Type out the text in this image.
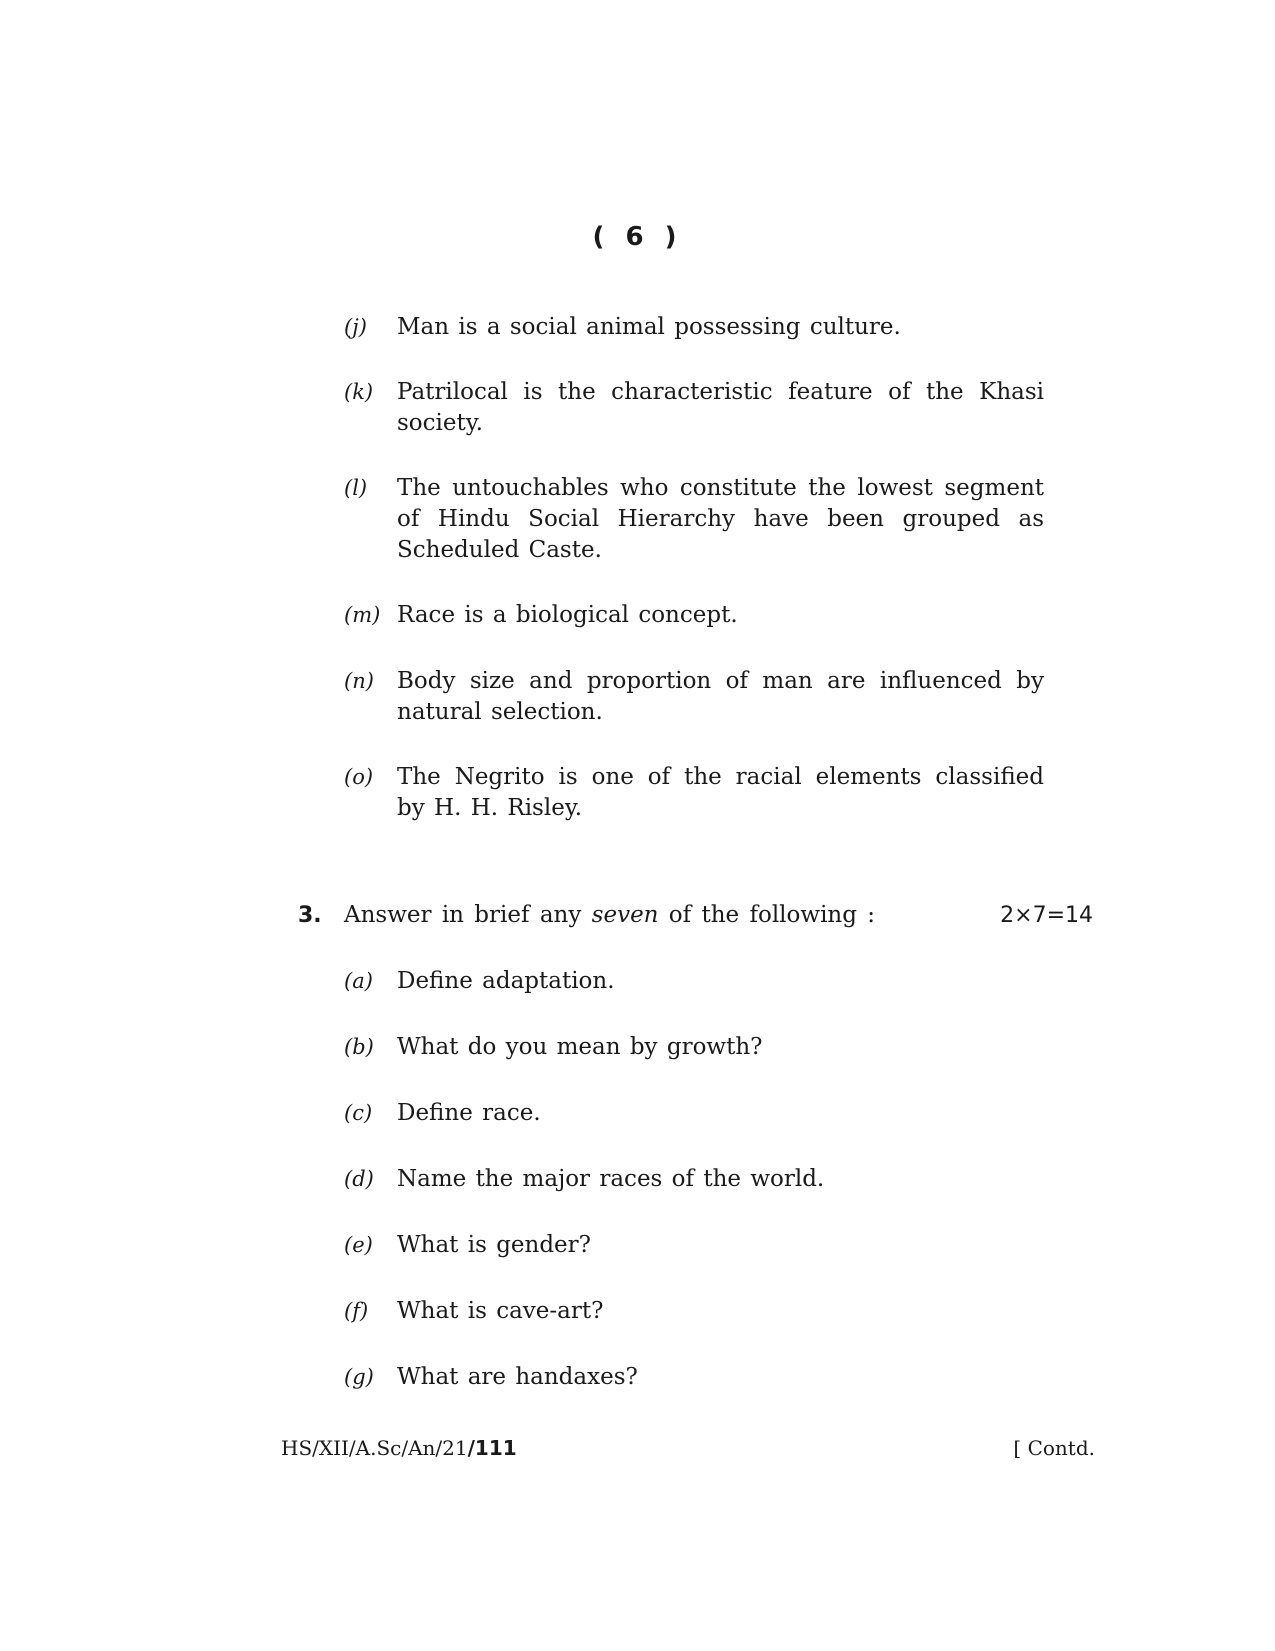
( 6 )
(j) Man is a social animal possessing culture.
(k) Patrilocal is the characteristic feature of the Khasi society.
(l) The untouchables who constitute the lowest segment of Hindu Social Hierarchy have been grouped as Scheduled Caste.
(m) Race is a biological concept.
(n) Body size and proportion of man are influenced by natural selection.
(o) The Negrito is one of the racial elements classified by H. H. Risley.
3. Answer in brief any seven of the following :	2×7=14
(a) Define adaptation.
(b) What do you mean by growth?
(c) Define race.
(d) Name the major races of the world.
(e) What is gender?
(f) What is cave-art?
(g) What are handaxes?
HS/XII/A.Sc/An/21/111	[ Contd.
